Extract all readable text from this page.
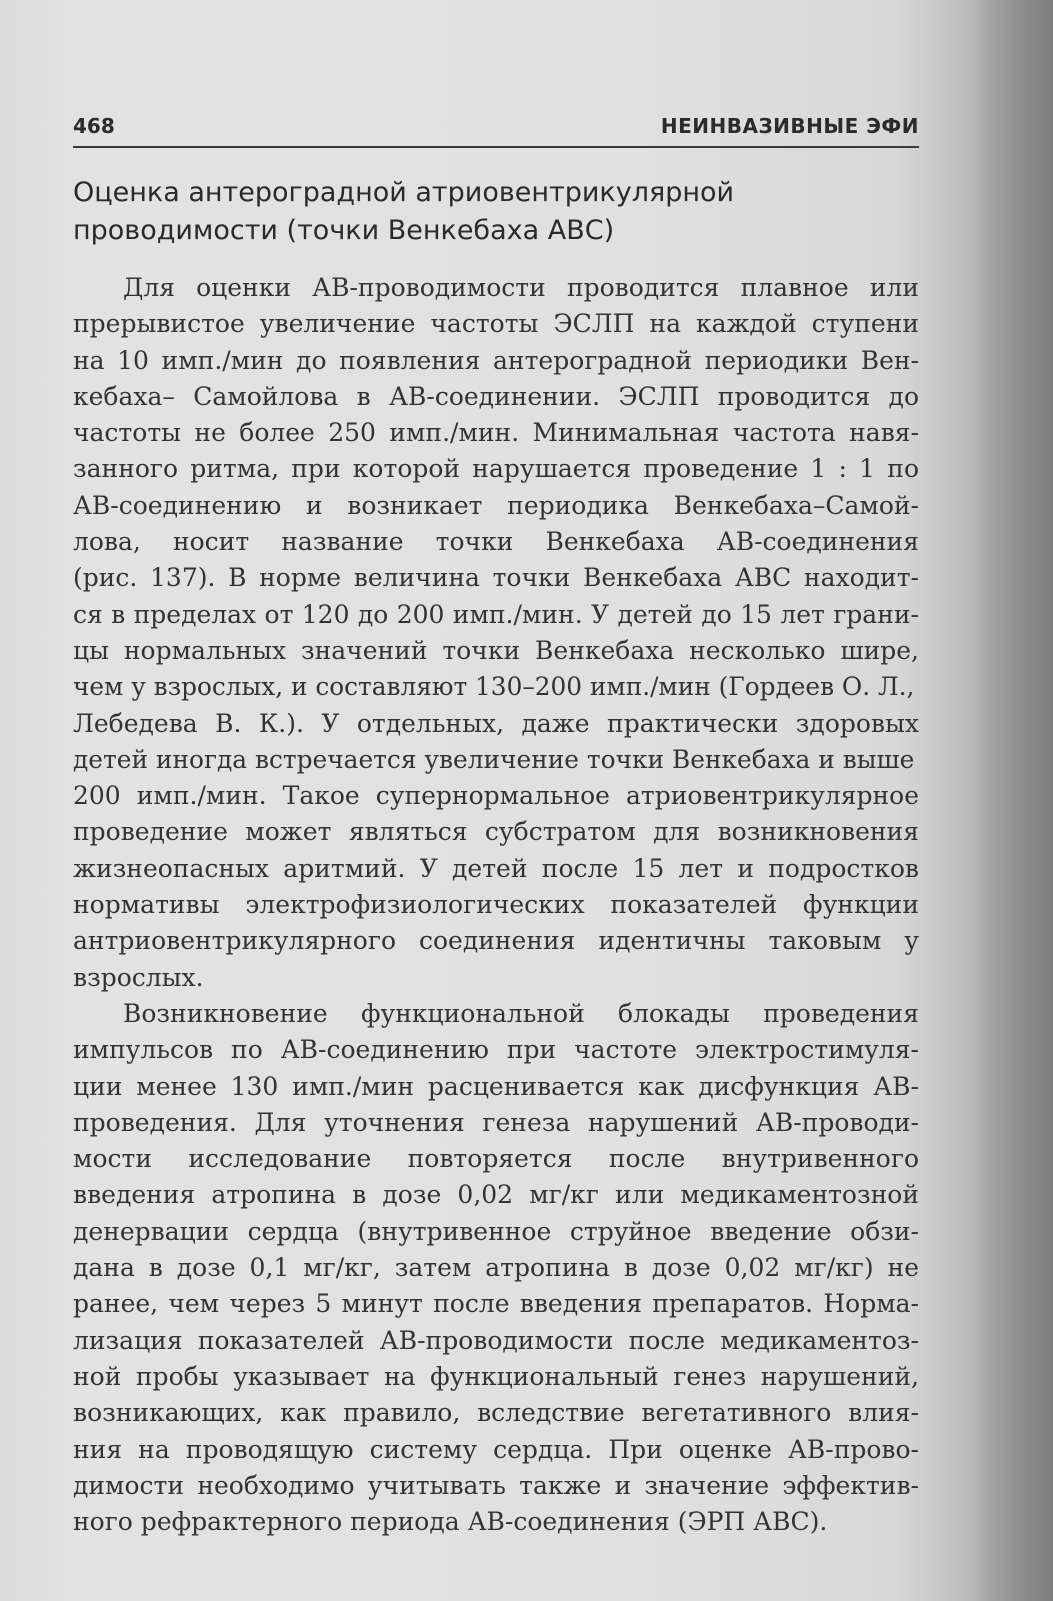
468	НЕИНВАЗИВНЫЕ ЭФИ
Оценка антероградной атриовентрикулярной
проводимости (точки Венкебаха АВС)

Для оценки АВ-проводимости проводится плавное или
прерывистое увеличение частоты ЭСЛП на каждой ступени
на 10 имп./мин до появления антероградной периодики Вен-
кебаха– Самойлова в АВ-соединении. ЭСЛП проводится до
частоты не более 250 имп./мин. Минимальная частота навя-
занного ритма, при которой нарушается проведение 1 : 1 по
АВ-соединению и возникает периодика Венкебаха–Самой-
лова, носит название точки Венкебаха АВ-соединения
(рис. 137). В норме величина точки Венкебаха АВС находит-
ся в пределах от 120 до 200 имп./мин. У детей до 15 лет грани-
цы нормальных значений точки Венкебаха несколько шире,
чем у взрослых, и составляют 130–200 имп./мин (Гордеев О. Л.,
Лебедева В. К.). У отдельных, даже практически здоровых
детей иногда встречается увеличение точки Венкебаха и выше
200 имп./мин. Такое супернормальное атриовентрикулярное
проведение может являться субстратом для возникновения
жизнеопасных аритмий. У детей после 15 лет и подростков
нормативы электрофизиологических показателей функции
антриовентрикулярного соединения идентичны таковым у
взрослых.

Возникновение функциональной блокады проведения
импульсов по АВ-соединению при частоте электростимуля-
ции менее 130 имп./мин расценивается как дисфункция АВ-
проведения. Для уточнения генеза нарушений АВ-проводи-
мости исследование повторяется после внутривенного
введения атропина в дозе 0,02 мг/кг или медикаментозной
денервации сердца (внутривенное струйное введение обзи-
дана в дозе 0,1 мг/кг, затем атропина в дозе 0,02 мг/кг) не
ранее, чем через 5 минут после введения препаратов. Норма-
лизация показателей АВ-проводимости после медикаментоз-
ной пробы указывает на функциональный генез нарушений,
возникающих, как правило, вследствие вегетативного влия-
ния на проводящую систему сердца. При оценке АВ-прово-
димости необходимо учитывать также и значение эффектив-
ного рефрактерного периода АВ-соединения (ЭРП АВС).
